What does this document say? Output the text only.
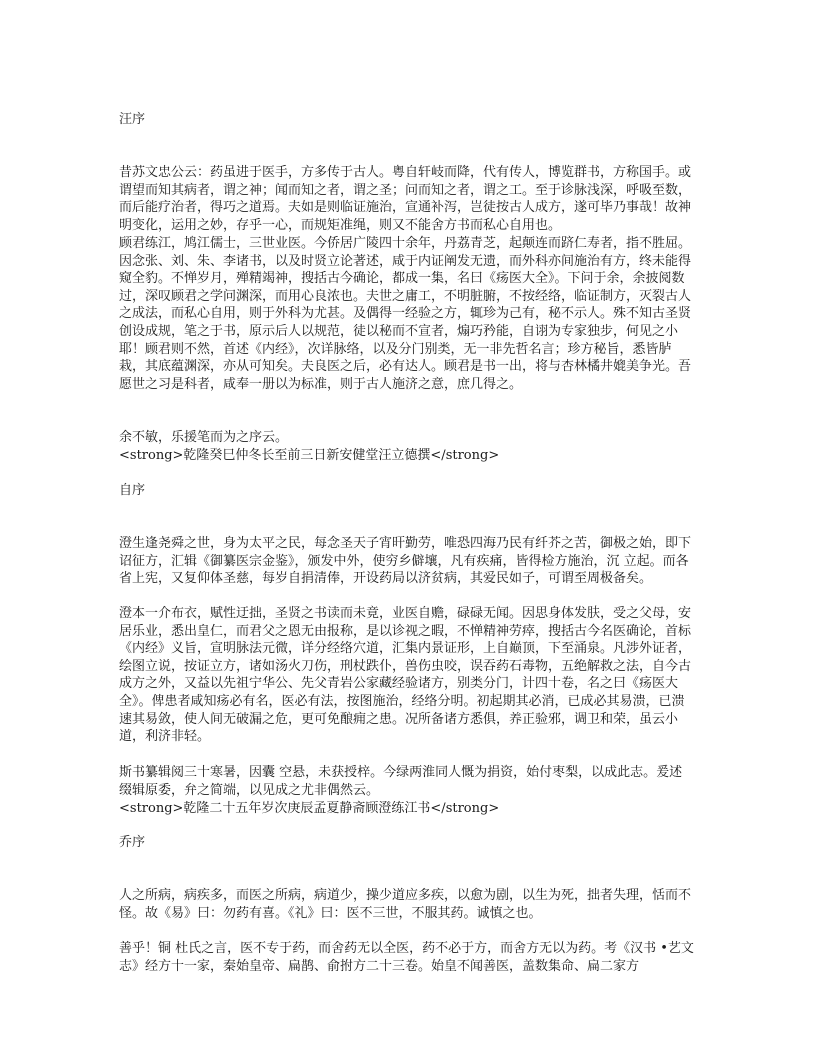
汪序

昔苏文忠公云：药虽进于医手，方多传于古人。粤自轩岐而降，代有传人，博览群书，方称国手。或谓望而知其病者，谓之神；闻而知之者，谓之圣；问而知之者，谓之工。至于诊脉浅深，呼吸至数，而后能疗治者，得巧之道焉。夫如是则临证施治，宣通补泻，岂徒按古人成方，遂可毕乃事哉！故神明变化，运用之妙，存乎一心，而规矩准绳，则又不能舍方书而私心自用也。

顾君练江，鸠江儒士，三世业医。今侨居广陵四十余年，丹荔青芝，起颠连而跻仁寿者，指不胜屈。因念张、刘、朱、李诸书，以及时贤立论著述，咸于内证阐发无遗，而外科亦间施治有方，终未能得窥全豹。不惮岁月，殚精竭神，搜括古今确论，都成一集，名曰《疡医大全》。下问于余，余披阅数过，深叹顾君之学问渊深，而用心良浓也。夫世之庸工，不明脏腑，不按经络，临证制方，灭裂古人之成法，而私心自用，则于外科为尤甚。及偶得一经验之方，辄珍为己有，秘不示人。殊不知古圣贤创设成规，笔之于书，原示后人以规范，徒以秘而不宣者，煽巧矜能，自诩为专家独步，何见之小耶！顾君则不然，首述《内经》，次详脉络，以及分门别类，无一非先哲名言；珍方秘旨，悉皆胪栽，其底蕴渊深，亦从可知矣。夫良医之后，必有达人。顾君是书一出，将与杏林橘井媲美争光。吾愿世之习是科者，咸奉一册以为标准，则于古人施济之意，庶几得之。

余不敏，乐援笔而为之序云。

<strong>乾隆癸巳仲冬长至前三日新安健堂汪立德撰</strong>

自序

澄生逢尧舜之世，身为太平之民，每念圣天子宵旰勤劳，唯恐四海乃民有纤芥之苦，御极之始，即下诏征方，汇辑《御纂医宗金鉴》，颁发中外，使穷乡僻壤，凡有疾痛，皆得检方施治，沉 立起。而各省上宪，又复仰体圣慈，每岁自捐清俸，开设药局以济贫病，其爱民如子，可谓至周极备矣。

澄本一介布衣，赋性迂拙，圣贤之书读而未竟，业医自赡，碌碌无闻。因思身体发肤，受之父母，安居乐业，悉出皇仁，而君父之恩无由报称，是以诊视之暇，不惮精神劳瘁，搜括古今名医确论，首标《内经》义旨，宣明脉法元微，详分经络穴道，汇集内景证形，上自巅顶，下至涌泉。凡涉外证者，绘图立说，按证立方，诸如汤火刀伤，刑杖跌仆，兽伤虫咬，误吞药石毒物，五绝解救之法，自今古成方之外，又益以先祖宁华公、先父青岩公家藏经验诸方，别类分门，计四十卷，名之曰《疡医大全》。俾患者咸知疡必有名，医必有法，按图施治，经络分明。初起期其必消，已成必其易溃，已溃速其易敛，使人间无破漏之危，更可免酿痈之患。况所备诸方悉俱，养正验邪，调卫和荣，虽云小道，利济非轻。

斯书纂辑阅三十寒暑，因囊 空悬，未获授梓。今绿两淮同人慨为捐资，始付枣梨，以成此志。爰述缀辑原委，弁之简端，以见成之尤非偶然云。

<strong>乾隆二十五年岁次庚辰孟夏静斋顾澄练江书</strong>

乔序

人之所病，病疾多，而医之所病，病道少，操少道应多疾，以愈为剧，以生为死，拙者失理，恬而不怪。故《易》曰：勿药有喜。《礼》曰：医不三世，不服其药。诚慎之也。

善乎！铜 杜氏之言，医不专于药，而舍药无以全医，药不必于方，而舍方无以为药。考《汉书 •艺文志》经方十一家，秦始皇帝、扁鹊、俞拊方二十三卷。始皇不闻善医，盖数集命、扁二家方
